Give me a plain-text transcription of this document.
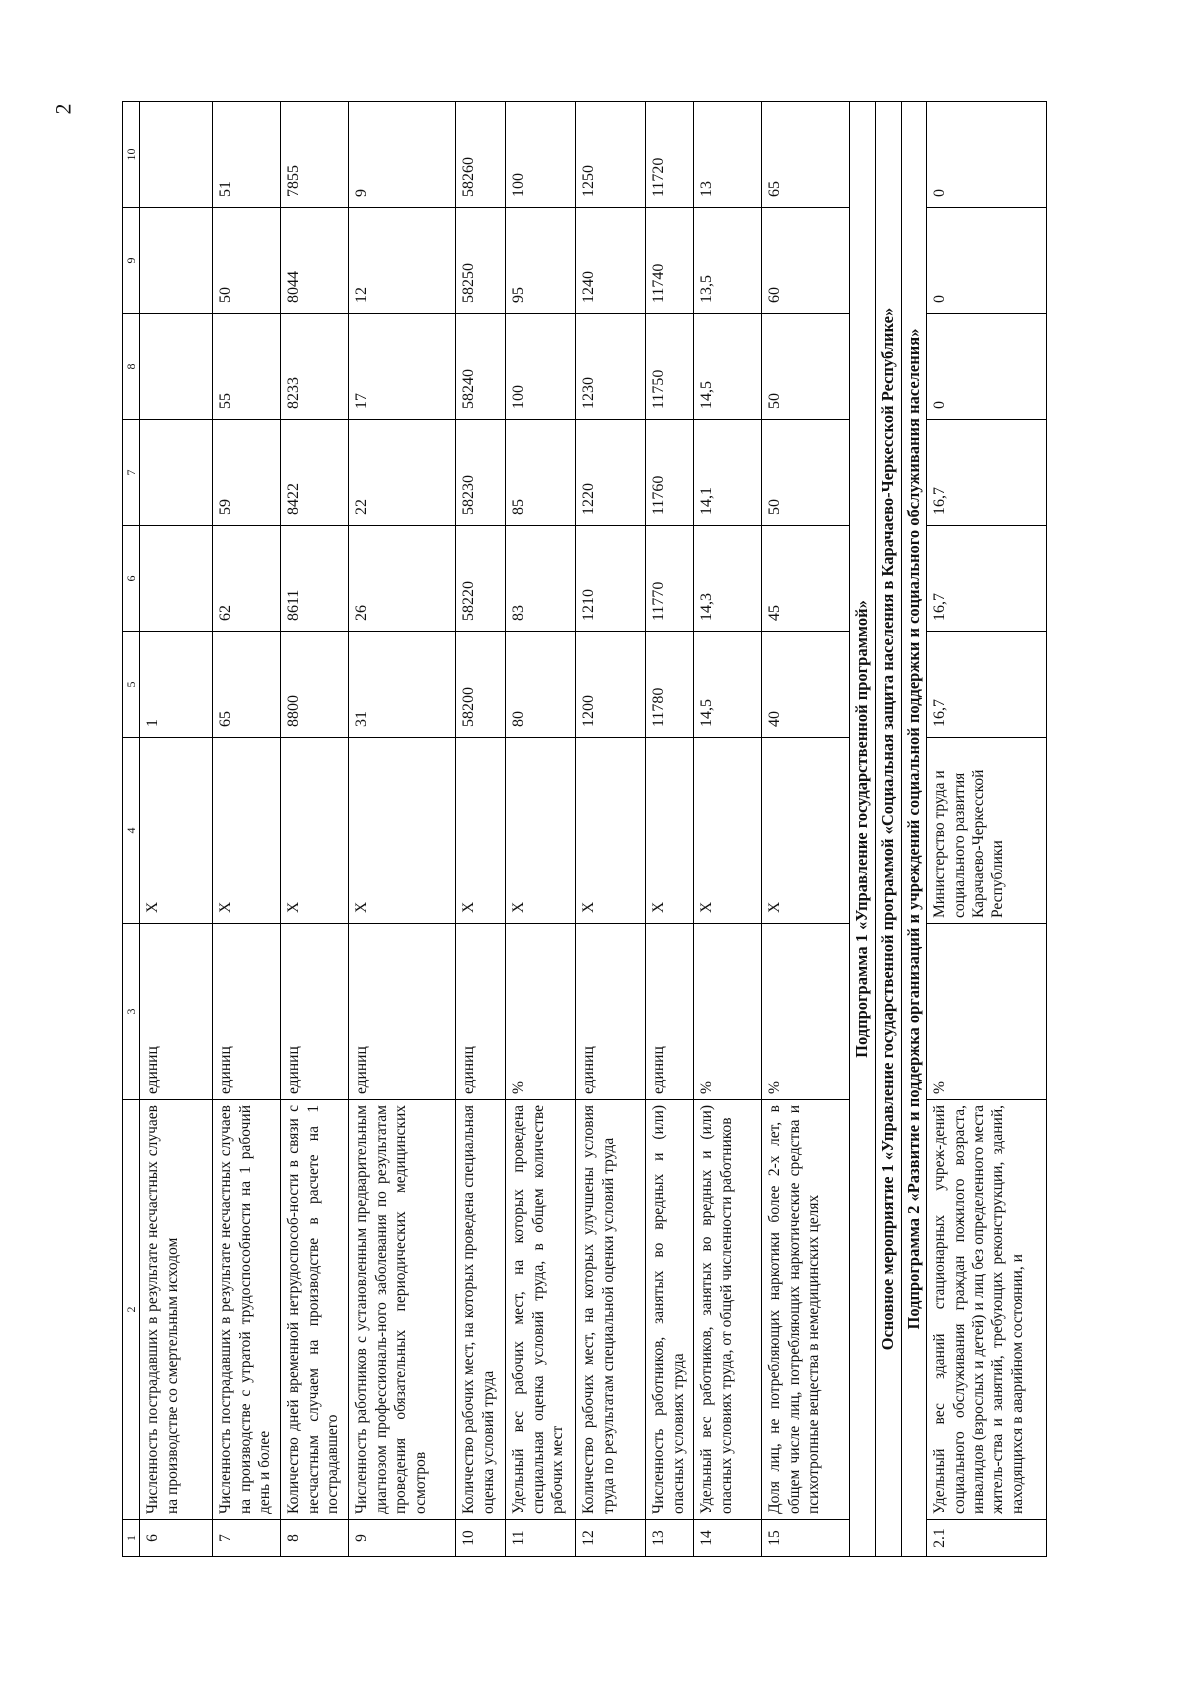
2
1	2	3	4	5	6	7	8	9	10
6	Численность пострадавших в результате несчастных случаев на производстве со смертельным исходом	единиц	X	1					
7	Численность пострадавших в результате несчастных случаев на производстве с утратой трудоспособности на 1 рабочий день и более	единиц	X	65	62	59	55	50	51
8	Количество дней временной нетрудоспособ-ности в связи с несчастным случаем на производстве в расчете на 1 пострадавшего	единиц	X	8800	8611	8422	8233	8044	7855
9	Численность работников с установленным предварительным диагнозом профессиональ-ного заболевания по результатам проведения обязательных периодических медицинских осмотров	единиц	X	31	26	22	17	12	9
10	Количество рабочих мест, на которых проведена специальная оценка условий труда	единиц	X	58200	58220	58230	58240	58250	58260
11	Удельный вес рабочих мест, на которых проведена специальная оценка условий труда, в общем количестве рабочих мест	%	X	80	83	85	100	95	100
12	Количество рабочих мест, на которых улучшены условия труда по результатам специальной оценки условий труда	единиц	X	1200	1210	1220	1230	1240	1250
13	Численность работников, занятых во вредных и (или) опасных условиях труда	единиц	X	11780	11770	11760	11750	11740	11720
14	Удельный вес работников, занятых во вредных и (или) опасных условиях труда, от общей численности работников	%	X	14,5	14,3	14,1	14,5	13,5	13
15	Доля лиц, не потребляющих наркотики более 2-х лет, в общем числе лиц, потребляющих наркотические средства и психотропные вещества в немедицинских целях	%	X	40	45	50	50	60	65
Подпрограмма 1 «Управление государственной программой»									
Основное мероприятие 1 «Управление государственной программой «Социальная защита населения в Карачаево-Черкесской Республике»									
Подпрограмма 2 «Развитие и поддержка организаций и учреждений социальной поддержки и социального обслуживания населения»									
2.1	Удельный вес зданий стационарных учреж-дений социального обслуживания граждан пожилого возраста, инвалидов (взрослых и детей) и лиц без определенного места житель-ства и занятий, требующих реконструкции, зданий, находящихся в аварийном состоянии, и	%	Министерство труда и социального развития Карачаево-Черкесской Республики	16,7	16,7	16,7	0	0	0
